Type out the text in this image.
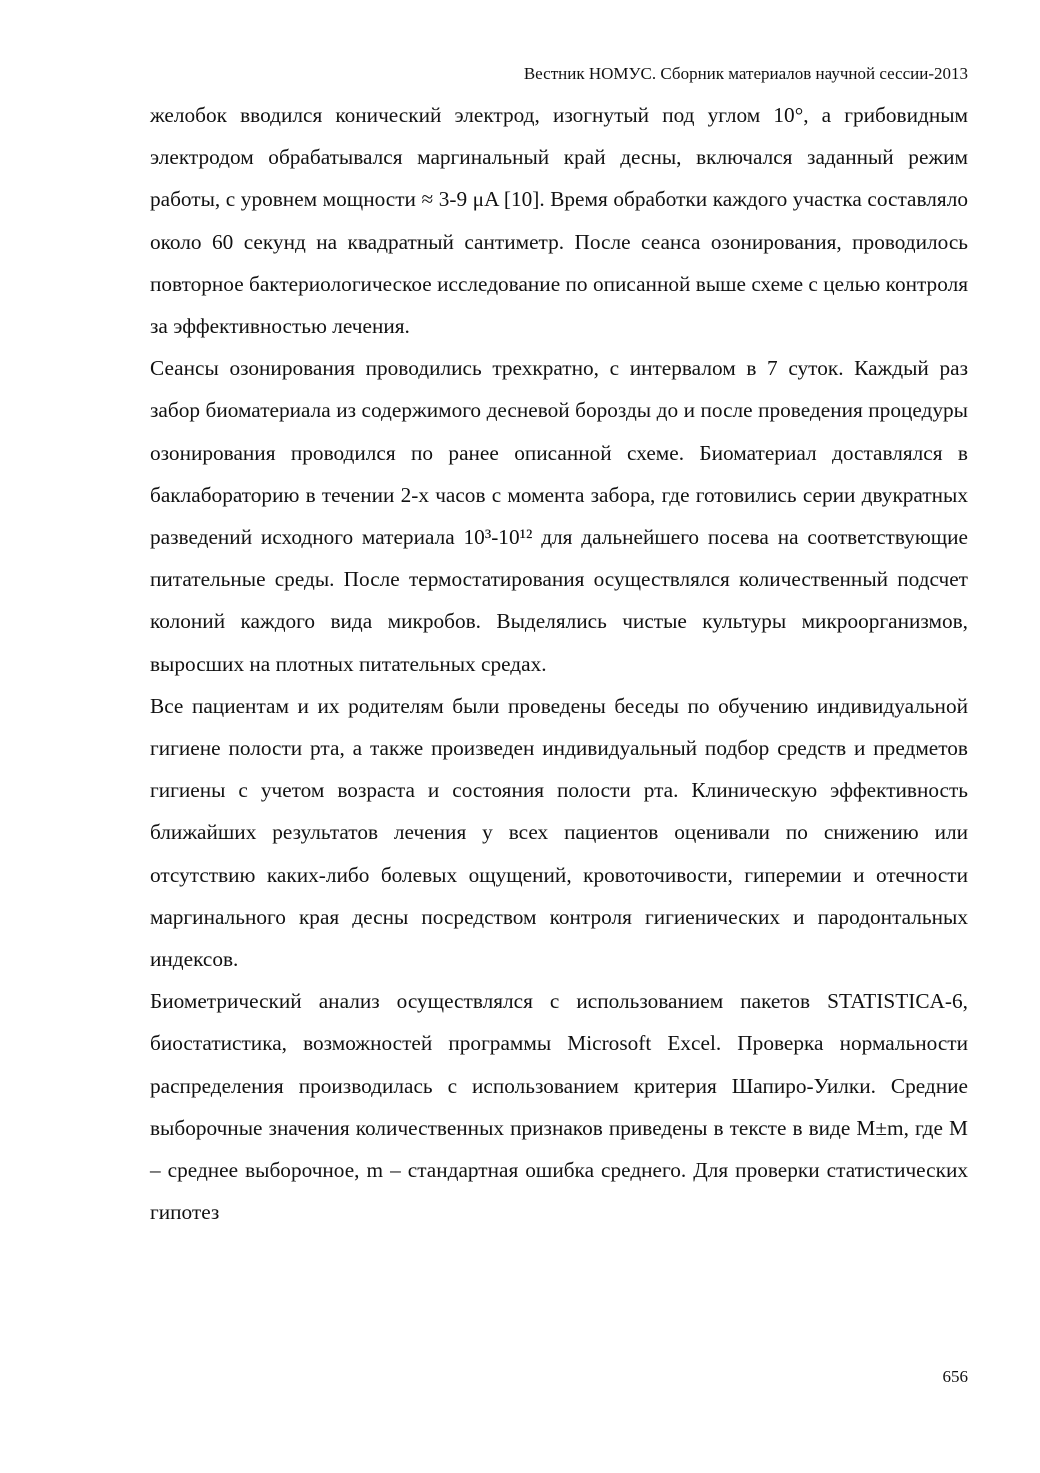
Вестник НОМУС. Сборник материалов научной сессии-2013

желобок вводился конический электрод, изогнутый под углом 10°, а грибовидным электродом обрабатывался маргинальный край десны, включался заданный режим работы, с уровнем мощности ≈ 3-9 μA [10]. Время обработки каждого участка составляло около 60 секунд на квадратный сантиметр. После сеанса озонирования, проводилось повторное бактериологическое исследование по описанной выше схеме с целью контроля за эффективностью лечения.

Сеансы озонирования проводились трехкратно, с интервалом в 7 суток. Каждый раз забор биоматериала из содержимого десневой борозды до и после проведения процедуры озонирования проводился по ранее описанной схеме. Биоматериал доставлялся в баклабораторию в течении 2-х часов с момента забора, где готовились серии двукратных разведений исходного материала 10³-10¹² для дальнейшего посева на соответствующие питательные среды. После термостатирования осуществлялся количественный подсчет колоний каждого вида микробов. Выделялись чистые культуры микроорганизмов, выросших на плотных питательных средах.

Все пациентам и их родителям были проведены беседы по обучению индивидуальной гигиене полости рта, а также произведен индивидуальный подбор средств и предметов гигиены с учетом возраста и состояния полости рта. Клиническую эффективность ближайших результатов лечения у всех пациентов оценивали по снижению или отсутствию каких-либо болевых ощущений, кровоточивости, гиперемии и отечности маргинального края десны посредством контроля гигиенических и пародонтальных индексов.

Биометрический анализ осуществлялся с использованием пакетов STATISTICA-6, биостатистика, возможностей программы Microsoft Excel. Проверка нормальности распределения производилась с использованием критерия Шапиро-Уилки. Средние выборочные значения количественных признаков приведены в тексте в виде M±m, где M – среднее выборочное, m – стандартная ошибка среднего. Для проверки статистических гипотез

656
